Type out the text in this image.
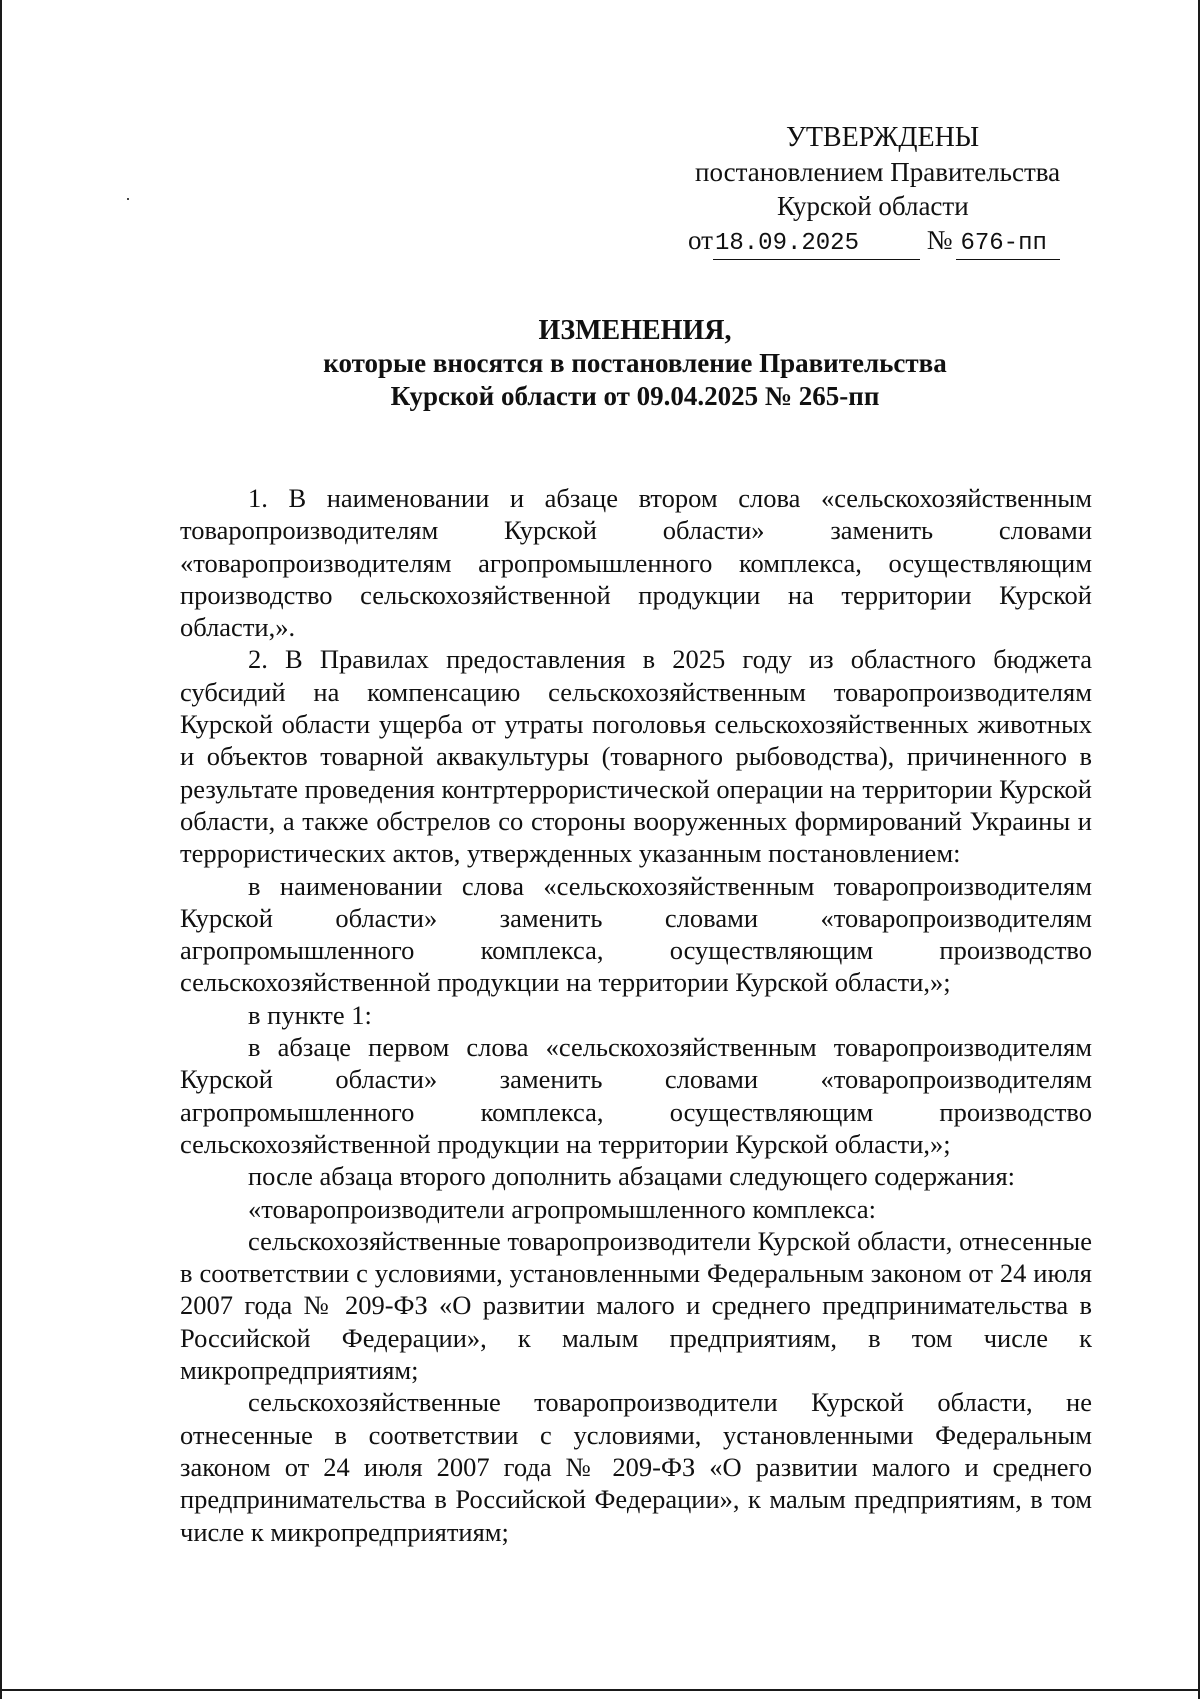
УТВЕРЖДЕНЫ
постановлением Правительства
Курской области
от18.09.2025	№ 676-пп
ИЗМЕНЕНИЯ,
которые вносятся в постановление Правительства
Курской области от 09.04.2025 № 265-пп

1. В наименовании и абзаце втором слова «сельскохозяйственным товаропроизводителям Курской области» заменить словами «товаропроизводителям агропромышленного комплекса, осуществляющим производство сельскохозяйственной продукции на территории Курской области,».

2. В Правилах предоставления в 2025 году из областного бюджета субсидий на компенсацию сельскохозяйственным товаропроизводителям Курской области ущерба от утраты поголовья сельскохозяйственных животных и объектов товарной аквакультуры (товарного рыбоводства), причиненного в результате проведения контртеррористической операции на территории Курской области, а также обстрелов со стороны вооруженных формирований Украины и террористических актов, утвержденных указанным постановлением:

в наименовании слова «сельскохозяйственным товаропроизводителям Курской области» заменить словами «товаропроизводителям агропромышленного комплекса, осуществляющим производство сельскохозяйственной продукции на территории Курской области,»;

в пункте 1:

в абзаце первом слова «сельскохозяйственным товаропроизводителям Курской области» заменить словами «товаропроизводителям агропромышленного комплекса, осуществляющим производство сельскохозяйственной продукции на территории Курской области,»;

после абзаца второго дополнить абзацами следующего содержания:

«товаропроизводители агропромышленного комплекса:

сельскохозяйственные товаропроизводители Курской области, отнесенные в соответствии с условиями, установленными Федеральным законом от 24 июля 2007 года № 209-ФЗ «О развитии малого и среднего предпринимательства в Российской Федерации», к малым предприятиям, в том числе к микропредприятиям;

сельскохозяйственные товаропроизводители Курской области, не отнесенные в соответствии с условиями, установленными Федеральным законом от 24 июля 2007 года № 209-ФЗ «О развитии малого и среднего предпринимательства в Российской Федерации», к малым предприятиям, в том числе к микропредприятиям;
